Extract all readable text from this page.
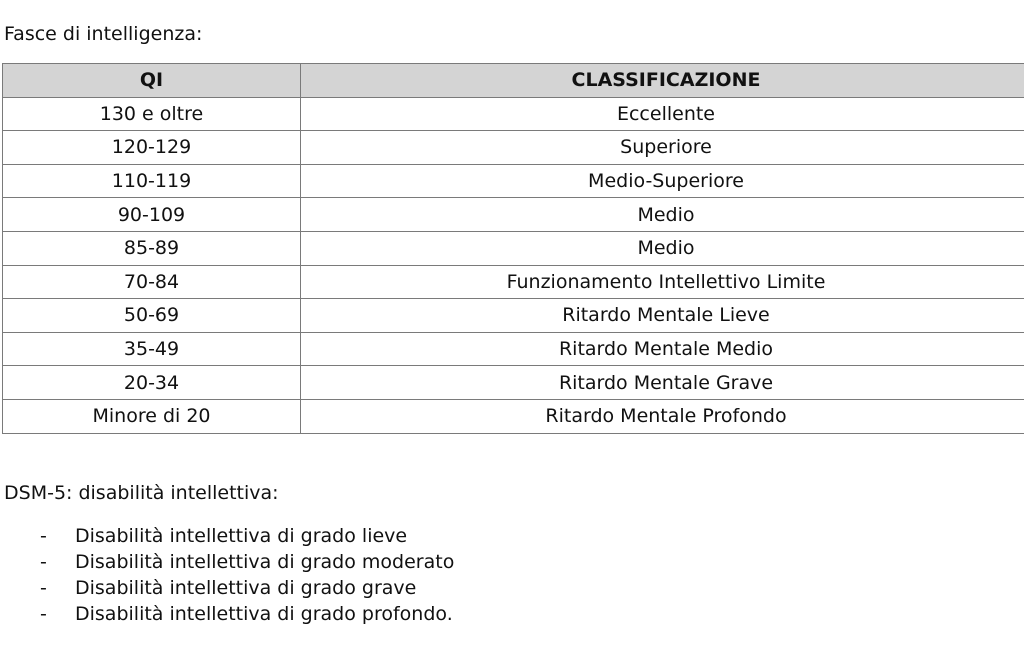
Fasce di intelligenza:

QI	CLASSIFICAZIONE
130 e oltre	Eccellente
120-129	Superiore
110-119	Medio-Superiore
90-109	Medio
85-89	Medio
70-84	Funzionamento Intellettivo Limite
50-69	Ritardo Mentale Lieve
35-49	Ritardo Mentale Medio
20-34	Ritardo Mentale Grave
Minore di 20	Ritardo Mentale Profondo

DSM-5: disabilità intellettiva:

- Disabilità intellettiva di grado lieve
- Disabilità intellettiva di grado moderato
- Disabilità intellettiva di grado grave
- Disabilità intellettiva di grado profondo.
